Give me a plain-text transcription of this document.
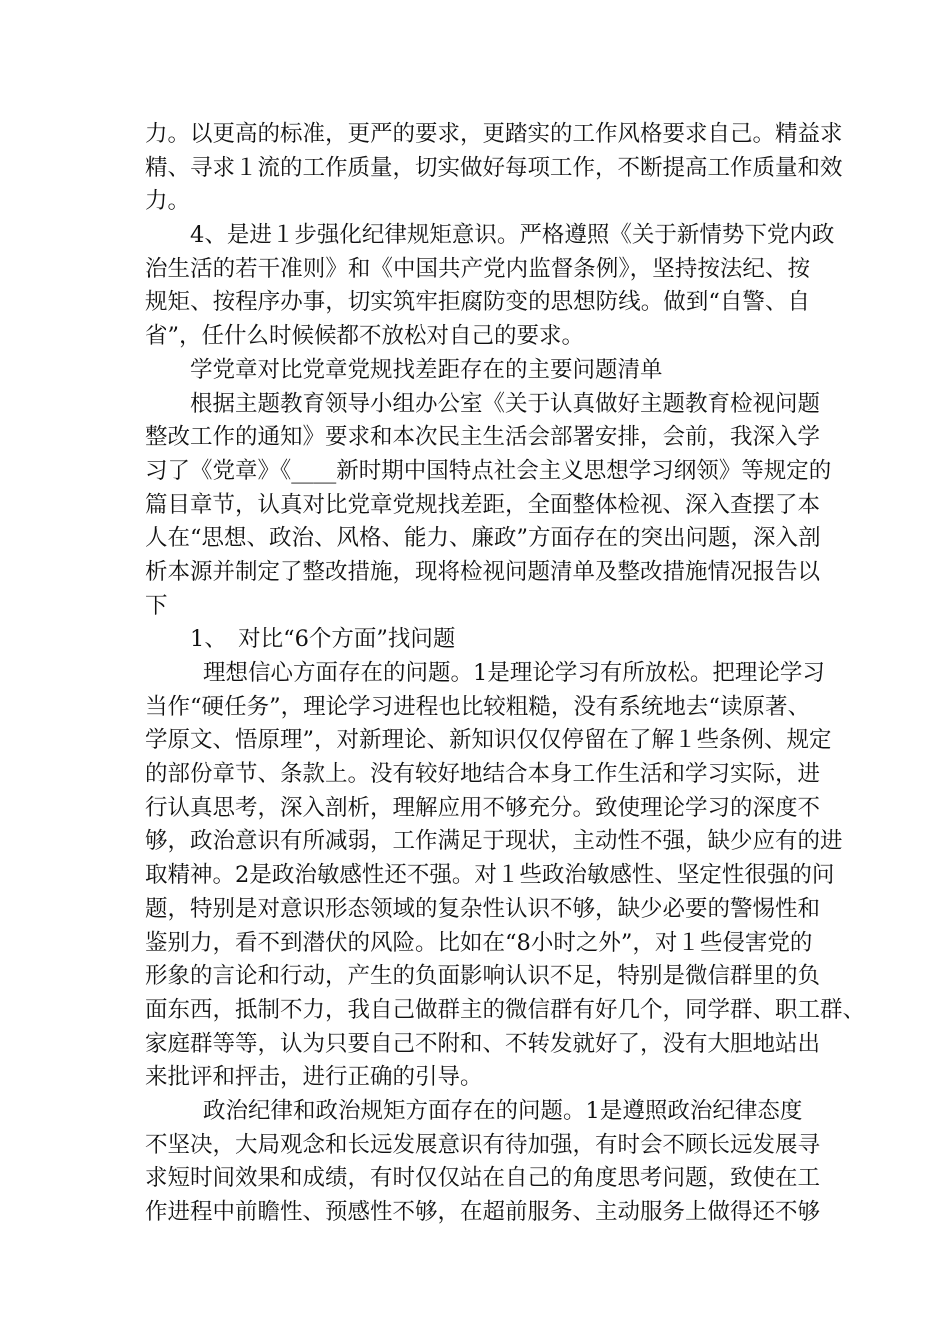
力。以更高的标准，更严的要求，更踏实的工作风格要求自己。精益求
精、寻求１流的工作质量，切实做好每项工作，不断提高工作质量和效
力。
4、是进１步强化纪律规矩意识。严格遵照《关于新情势下党内政
治生活的若干准则》和《中国共产党内监督条例》，坚持按法纪、按
规矩、按程序办事，切实筑牢拒腐防变的思想防线。做到“自警、自
省”，任什么时候候都不放松对自己的要求。
学党章对比党章党规找差距存在的主要问题清单
根据主题教育领导小组办公室《关于认真做好主题教育检视问题
整改工作的通知》要求和本次民主生活会部署安排，会前，我深入学
习了《党章》《____新时期中国特点社会主义思想学习纲领》等规定的
篇目章节，认真对比党章党规找差距，全面整体检视、深入查摆了本
人在“思想、政治、风格、能力、廉政”方面存在的突出问题，深入剖
析本源并制定了整改措施，现将检视问题清单及整改措施情况报告以
下
1、　对比“6个方面”找问题
理想信心方面存在的问题。1是理论学习有所放松。把理论学习
当作“硬任务”，理论学习进程也比较粗糙，没有系统地去“读原著、
学原文、悟原理”，对新理论、新知识仅仅停留在了解１些条例、规定
的部份章节、条款上。没有较好地结合本身工作生活和学习实际，进
行认真思考，深入剖析，理解应用不够充分。致使理论学习的深度不
够，政治意识有所减弱，工作满足于现状，主动性不强，缺少应有的进
取精神。2是政治敏感性还不强。对１些政治敏感性、坚定性很强的问
题，特别是对意识形态领域的复杂性认识不够，缺少必要的警惕性和
鉴别力，看不到潜伏的风险。比如在“8小时之外”，对１些侵害党的
形象的言论和行动，产生的负面影响认识不足，特别是微信群里的负
面东西，抵制不力，我自己做群主的微信群有好几个，同学群、职工群、
家庭群等等，认为只要自己不附和、不转发就好了，没有大胆地站出
来批评和抨击，进行正确的引导。
政治纪律和政治规矩方面存在的问题。1是遵照政治纪律态度
不坚决，大局观念和长远发展意识有待加强，有时会不顾长远发展寻
求短时间效果和成绩，有时仅仅站在自己的角度思考问题，致使在工
作进程中前瞻性、预感性不够，在超前服务、主动服务上做得还不够
